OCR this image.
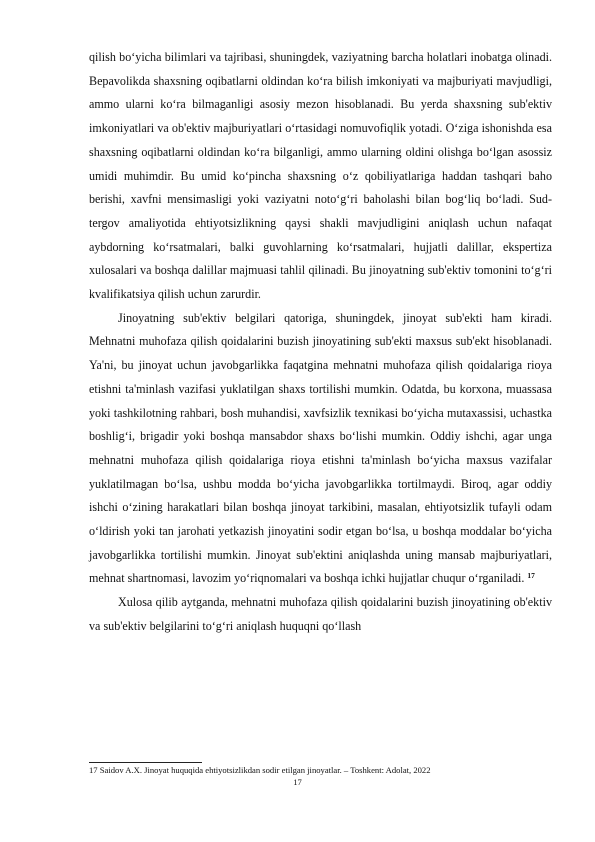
qilish bo‘yicha bilimlari va tajribasi, shuningdek, vaziyatning barcha holatlari inobatga olinadi. Bepavolikda shaxsning oqibatlarni oldindan ko‘ra bilish imkoniyati va majburiyati mavjudligi, ammo ularni ko‘ra bilmaganligi asosiy mezon hisoblanadi. Bu yerda shaxsning sub'ektiv imkoniyatlari va ob'ektiv majburiyatlari o‘rtasidagi nomuvofiqlik yotadi. O‘ziga ishonishda esa shaxsning oqibatlarni oldindan ko‘ra bilganligi, ammo ularning oldini olishga bo‘lgan asossiz umidi muhimdir. Bu umid ko‘pincha shaxsning o‘z qobiliyatlariga haddan tashqari baho berishi, xavfni mensimasligi yoki vaziyatni noto‘g‘ri baholashi bilan bog‘liq bo‘ladi. Sud-tergov amaliyotida ehtiyotsizlikning qaysi shakli mavjudligini aniqlash uchun nafaqat aybdorning ko‘rsatmalari, balki guvohlarning ko‘rsatmalari, hujjatli dalillar, ekspertiza xulosalari va boshqa dalillar majmuasi tahlil qilinadi. Bu jinoyatning sub'ektiv tomonini to‘g‘ri kvalifikatsiya qilish uchun zarurdir.

Jinoyatning sub'ektiv belgilari qatoriga, shuningdek, jinoyat sub'ekti ham kiradi. Mehnatni muhofaza qilish qoidalarini buzish jinoyatining sub'ekti maxsus sub'ekt hisoblanadi. Ya'ni, bu jinoyat uchun javobgarlikka faqatgina mehnatni muhofaza qilish qoidalariga rioya etishni ta'minlash vazifasi yuklatilgan shaxs tortilishi mumkin. Odatda, bu korxona, muassasa yoki tashkilotning rahbari, bosh muhandisi, xavfsizlik texnikasi bo‘yicha mutaxassisi, uchastka boshlig‘i, brigadir yoki boshqa mansabdor shaxs bo‘lishi mumkin. Oddiy ishchi, agar unga mehnatni muhofaza qilish qoidalariga rioya etishni ta'minlash bo‘yicha maxsus vazifalar yuklatilmagan bo‘lsa, ushbu modda bo‘yicha javobgarlikka tortilmaydi. Biroq, agar oddiy ishchi o‘zining harakatlari bilan boshqa jinoyat tarkibini, masalan, ehtiyotsizlik tufayli odam o‘ldirish yoki tan jarohati yetkazish jinoyatini sodir etgan bo‘lsa, u boshqa moddalar bo‘yicha javobgarlikka tortilishi mumkin. Jinoyat sub'ektini aniqlashda uning mansab majburiyatlari, mehnat shartnomasi, lavozim yo‘riqnomalari va boshqa ichki hujjatlar chuqur o‘rganiladi. $^{17}$

Xulosa qilib aytganda, mehnatni muhofaza qilish qoidalarini buzish jinoyatining ob'ektiv va sub'ektiv belgilarini to‘g‘ri aniqlash huquqni qo‘llash

17 Saidov A.X. Jinoyat huquqida ehtiyotsizlikdan sodir etilgan jinoyatlar. – Toshkent: Adolat, 2022
17
